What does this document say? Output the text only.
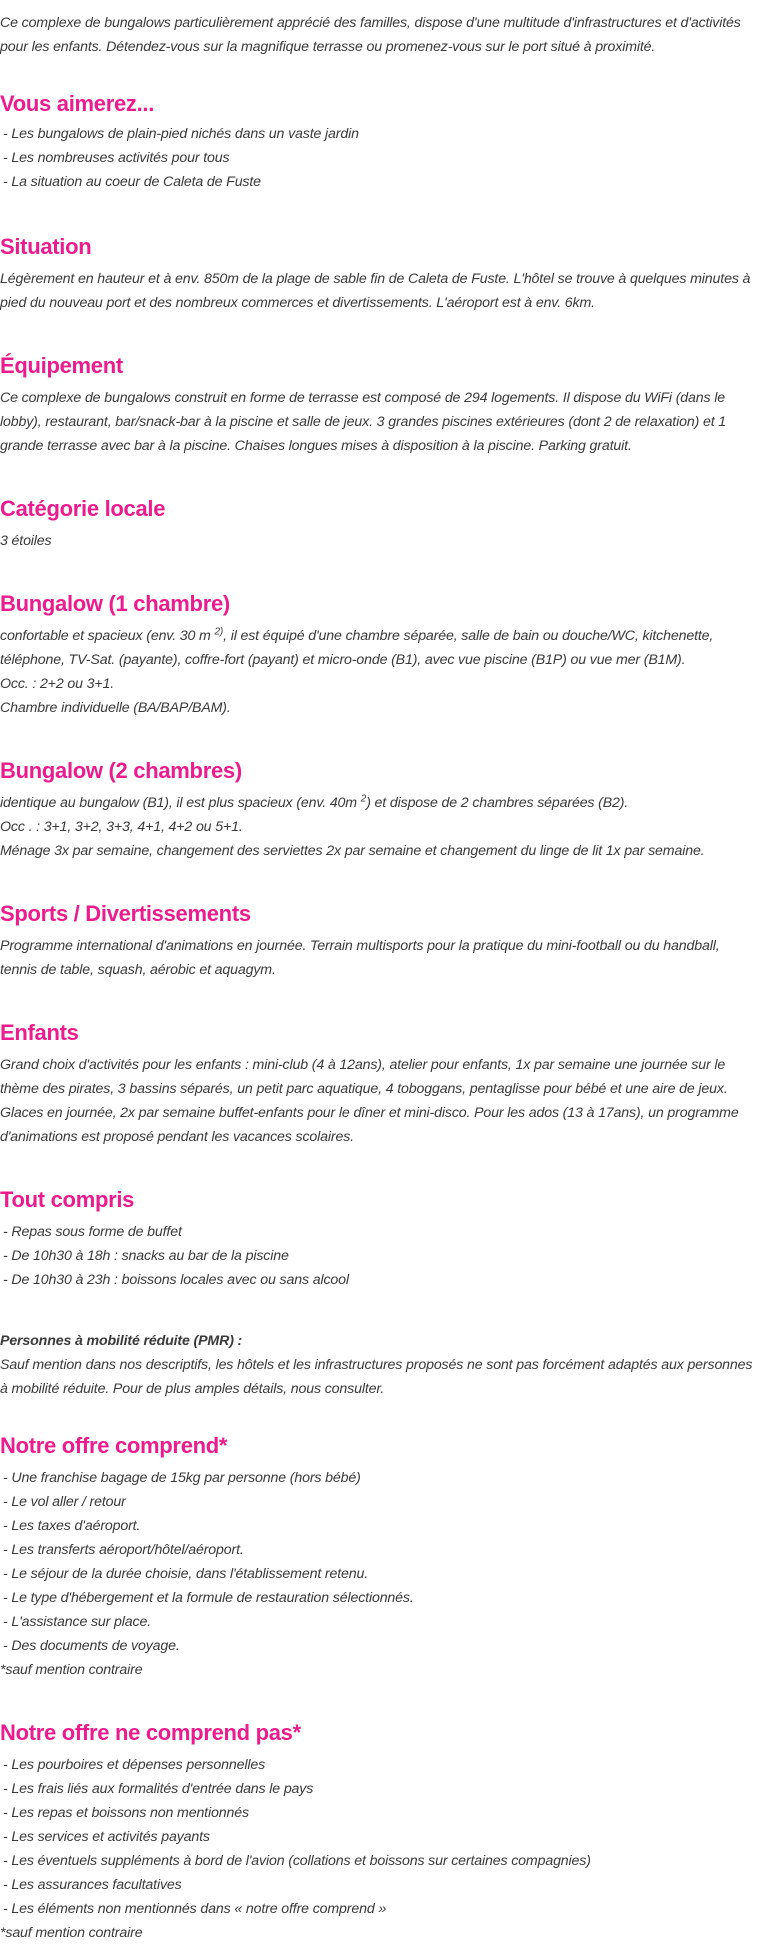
Ce complexe de bungalows particulièrement apprécié des familles, dispose d'une multitude d'infrastructures et d'activités pour les enfants. Détendez-vous sur la magnifique terrasse ou promenez-vous sur le port situé à proximité.

Vous aimerez...
- Les bungalows de plain-pied nichés dans un vaste jardin
- Les nombreuses activités pour tous
- La situation au coeur de Caleta de Fuste
Situation

Légèrement en hauteur et à env. 850m de la plage de sable fin de Caleta de Fuste. L'hôtel se trouve à quelques minutes à pied du nouveau port et des nombreux commerces et divertissements. L'aéroport est à env. 6km.

Équipement

Ce complexe de bungalows construit en forme de terrasse est composé de 294 logements. Il dispose du WiFi (dans le lobby), restaurant, bar/snack-bar à la piscine et salle de jeux. 3 grandes piscines extérieures (dont 2 de relaxation) et 1 grande terrasse avec bar à la piscine. Chaises longues mises à disposition à la piscine. Parking gratuit.

Catégorie locale

3 étoiles

Bungalow (1 chambre)

confortable et spacieux (env. 30 m $^{2)}$, il est équipé d'une chambre séparée, salle de bain ou douche/WC, kitchenette, téléphone, TV-Sat. (payante), coffre-fort (payant) et micro-onde (B1), avec vue piscine (B1P) ou vue mer (B1M).

Occ. : 2+2 ou 3+1.

Chambre individuelle (BA/BAP/BAM).

Bungalow (2 chambres)

identique au bungalow (B1), il est plus spacieux (env. 40m $^2$) et dispose de 2 chambres séparées (B2).

Occ . : 3+1, 3+2, 3+3, 4+1, 4+2 ou 5+1.

Ménage 3x par semaine, changement des serviettes 2x par semaine et changement du linge de lit 1x par semaine.

Sports / Divertissements

Programme international d'animations en journée. Terrain multisports pour la pratique du mini-football ou du handball, tennis de table, squash, aérobic et aquagym.

Enfants

Grand choix d'activités pour les enfants : mini-club (4 à 12ans), atelier pour enfants, 1x par semaine une journée sur le thème des pirates, 3 bassins séparés, un petit parc aquatique, 4 toboggans, pentaglisse pour bébé et une aire de jeux. Glaces en journée, 2x par semaine buffet-enfants pour le dîner et mini-disco. Pour les ados (13 à 17ans), un programme d'animations est proposé pendant les vacances scolaires.

Tout compris
- Repas sous forme de buffet
- De 10h30 à 18h : snacks au bar de la piscine
- De 10h30 à 23h : boissons locales avec ou sans alcool

Personnes à mobilité réduite (PMR) :

Sauf mention dans nos descriptifs, les hôtels et les infrastructures proposés ne sont pas forcément adaptés aux personnes à mobilité réduite. Pour de plus amples détails, nous consulter.

Notre offre comprend*
- Une franchise bagage de 15kg par personne (hors bébé)
- Le vol aller / retour
- Les taxes d'aéroport.
- Les transferts aéroport/hôtel/aéroport.
- Le séjour de la durée choisie, dans l'établissement retenu.
- Le type d'hébergement et la formule de restauration sélectionnés.
- L'assistance sur place.
- Des documents de voyage.

*sauf mention contraire

Notre offre ne comprend pas*
- Les pourboires et dépenses personnelles
- Les frais liés aux formalités d'entrée dans le pays
- Les repas et boissons non mentionnés
- Les services et activités payants
- Les éventuels suppléments à bord de l'avion (collations et boissons sur certaines compagnies)
- Les assurances facultatives
- Les éléments non mentionnés dans « notre offre comprend »

*sauf mention contraire
